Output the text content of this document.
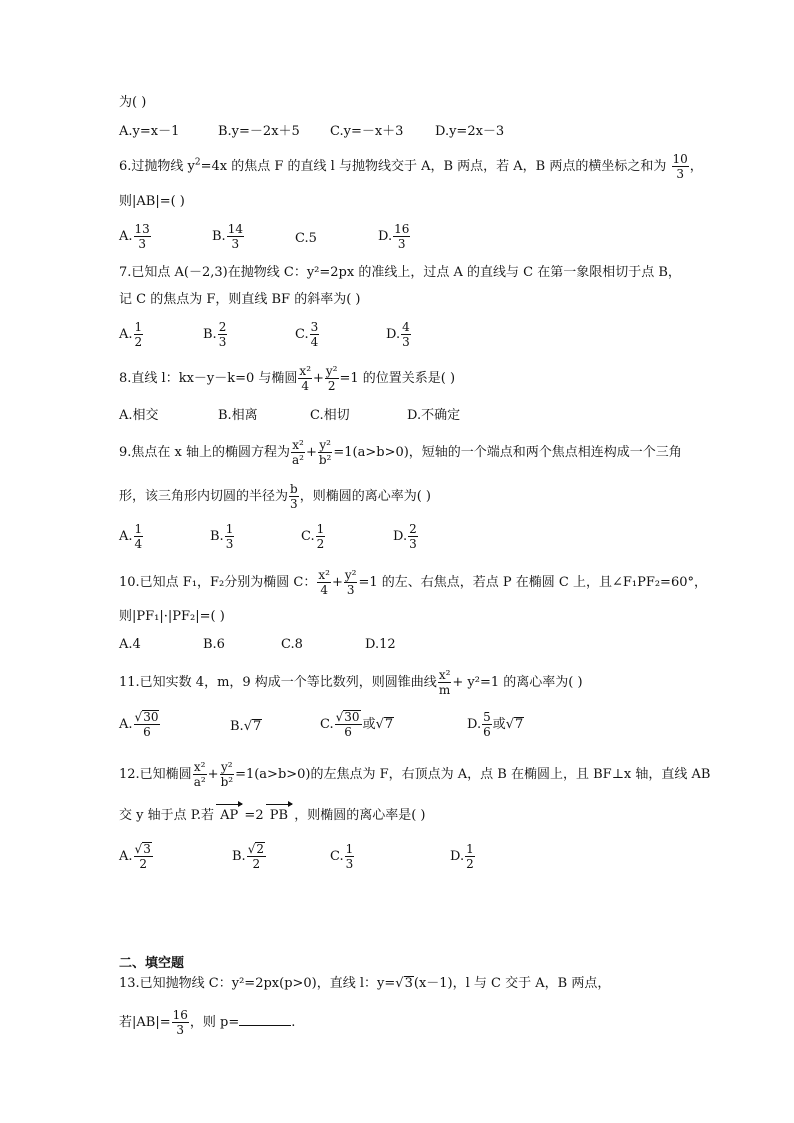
为( )
A.y=x－1	B.y=－2x＋5 C.y=－x＋3 D.y=2x－3
6.过抛物线 $y^2=4x$ 的焦点 F 的直线 l 与抛物线交于 A，B 两点，若 A，B 两点的横坐标之和为 $\frac{10}{3}$ ，
则|AB|=( )
A. $\frac{13}{3}$	B. $\frac{14}{3}$	C.5	D. $\frac{16}{3}$
7.已知点 A(－2,3)在抛物线 C：y²=2px 的准线上，过点 A 的直线与 C 在第一象限相切于点 B，
记 C 的焦点为 F，则直线 BF 的斜率为( )
A. $\frac{1}{2}$	B. $\frac{2}{3}$	C. $\frac{3}{4}$	D. $\frac{4}{3}$
8.直线 l：kx－y－k=0 与椭圆 $\frac{\text{x²}}{4} + \frac{\text{y²}}{2} =1$ 的位置关系是( )
A.相交	B.相离	C.相切	D.不确定
9.焦点在 x 轴上的椭圆方程为 $\frac{\text{x²}}{\text{a²}} + \frac{\text{y²}}{\text{b²}} =1(a>b>0)$，短轴的一个端点和两个焦点相连构成一个三角
形，该三角形内切圆的半径为 $\frac{b}{3}$ ，则椭圆的离心率为( )
A. $\frac{1}{4}$	B. $\frac{1}{3}$	C. $\frac{1}{2}$	D. $\frac{2}{3}$
10.已知点 F₁，F₂分别为椭圆 C： $\frac{\text{x²}}{4} + \frac{\text{y²}}{3} =1$ 的左、右焦点，若点 P 在椭圆 C 上，且∠F₁PF₂=60°，
则|PF₁|·|PF₂|=( )
A.4	B.6	C.8	D.12
11.已知实数 4，m，9 构成一个等比数列，则圆锥曲线 $\frac{\text{x²}}{m} + y^2=1$ 的离心率为( )
A. $\frac{√30}{6}$	B.√7	C. $\frac{√30}{6}$ 或√7	D. $\frac{5}{6}$ 或√7
12.已知椭圆 $\frac{\text{x²}}{\text{a²}} + \frac{\text{y²}}{\text{b²}} =1(a>b>0)$的左焦点为 F，右顶点为 A，点 B 在椭圆上，且 BF⊥x 轴，直线 AB
交 y 轴于点 P.若 AP =2 PB ，则椭圆的离心率是( )
A. $\frac{√3}{2}$	B. $\frac{√2}{2}$	C. $\frac{1}{3}$	D. $\frac{1}{2}$
二、填空题
13.已知抛物线 C：y²=2px(p>0)，直线 l：y=√3(x－1)，l 与 C 交于 A，B 两点，
若$|AB|= \frac{16}{3}$ ，则 p=	.
